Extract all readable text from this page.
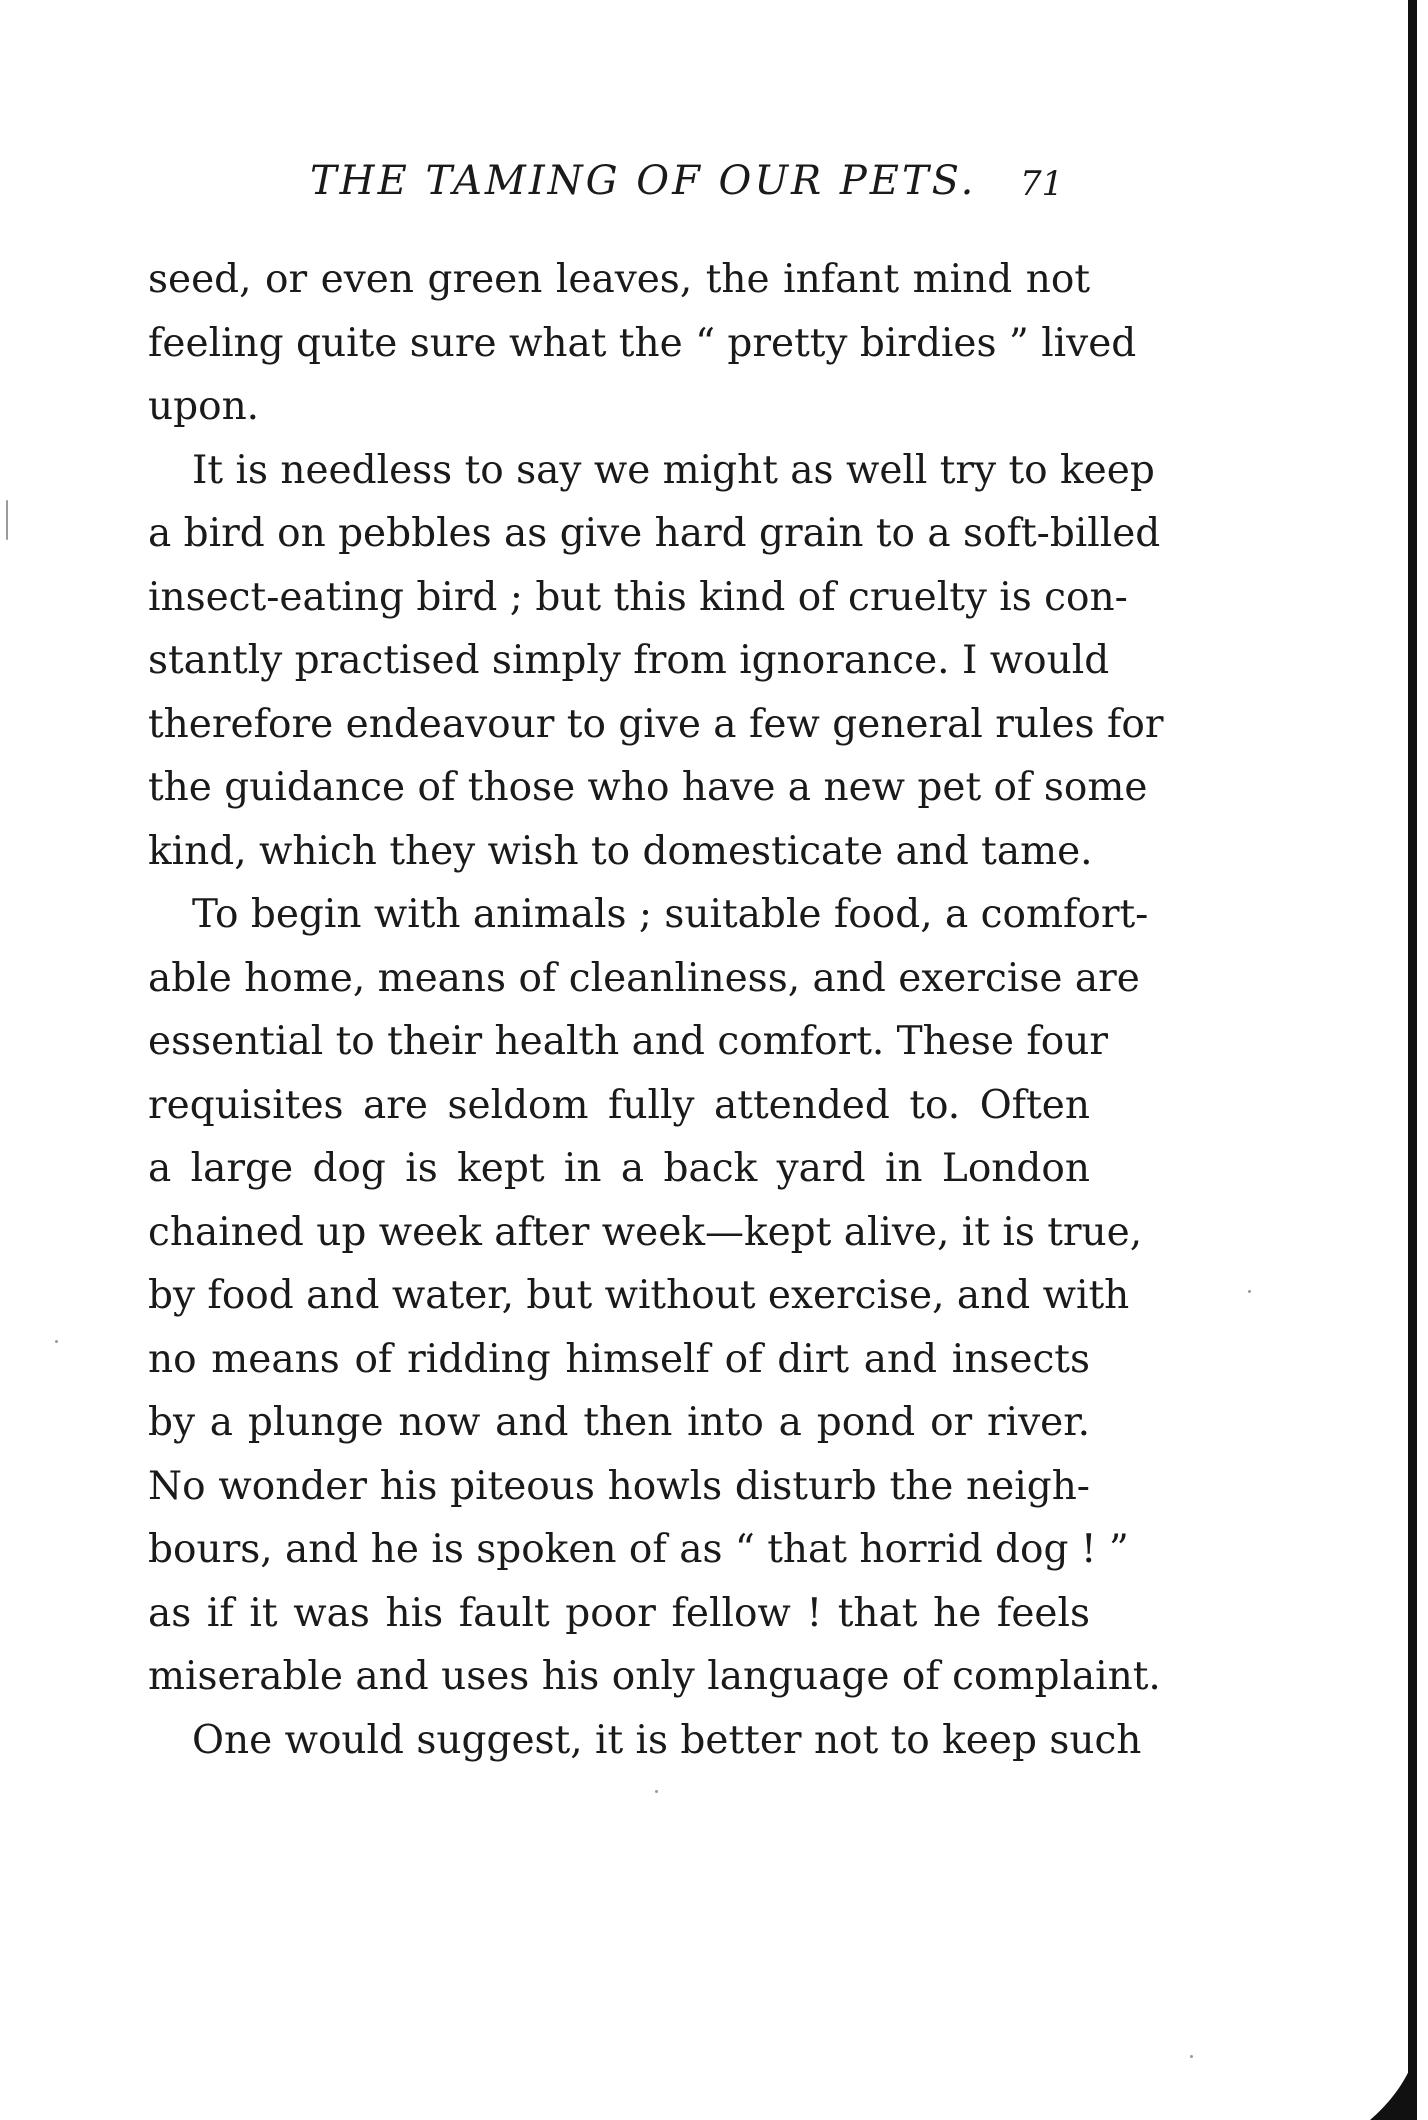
THE TAMING OF OUR PETS. 71
seed, or even green leaves, the infant mind not
feeling quite sure what the “ pretty birdies ” lived
upon.
It is needless to say we might as well try to keep
a bird on pebbles as give hard grain to a soft-billed
insect-eating bird ; but this kind of cruelty is con-
stantly practised simply from ignorance. I would
therefore endeavour to give a few general rules for
the guidance of those who have a new pet of some
kind, which they wish to domesticate and tame.
To begin with animals ; suitable food, a comfort-
able home, means of cleanliness, and exercise are
essential to their health and comfort. These four
requisites are seldom fully attended to. Often
a large dog is kept in a back yard in London
chained up week after week—kept alive, it is true,
by food and water, but without exercise, and with
no means of ridding himself of dirt and insects
by a plunge now and then into a pond or river.
No wonder his piteous howls disturb the neigh-
bours, and he is spoken of as “ that horrid dog ! ”
as if it was his fault poor fellow ! that he feels
miserable and uses his only language of complaint.
One would suggest, it is better not to keep such
